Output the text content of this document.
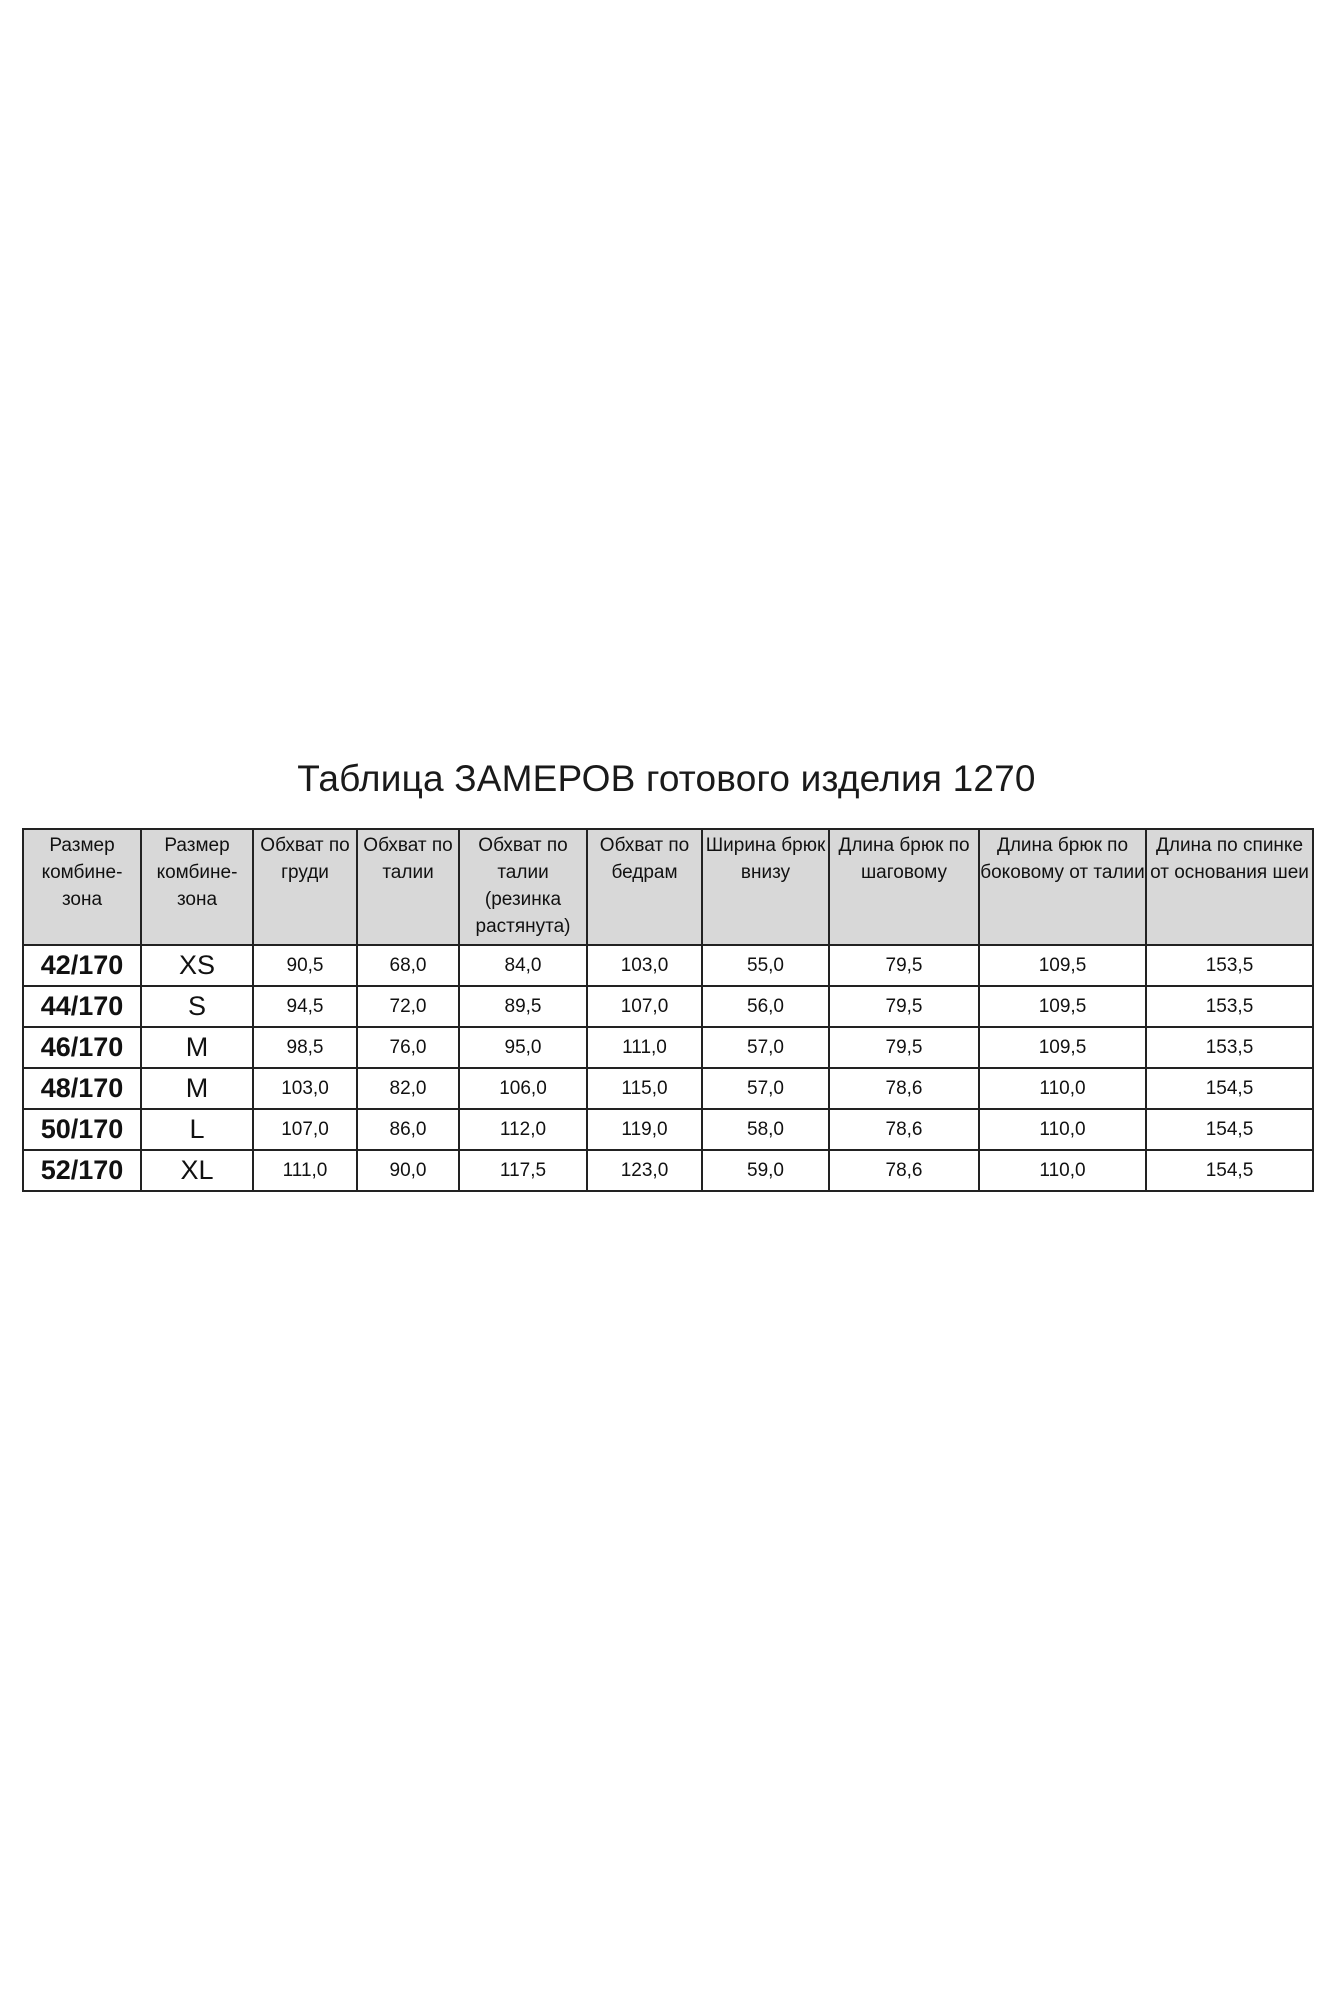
Таблица ЗАМЕРОВ готового изделия 1270
Размер комбине-зона	Размер комбине-зона	Обхват по груди	Обхват по талии	Обхват по талии (резинка растянута)	Обхват по бедрам	Ширина брюк внизу	Длина брюк по шаговому	Длина брюк по боковому от талии	Длина по спинке от основания шеи
42/170	XS	90,5	68,0	84,0	103,0	55,0	79,5	109,5	153,5
44/170	S	94,5	72,0	89,5	107,0	56,0	79,5	109,5	153,5
46/170	M	98,5	76,0	95,0	111,0	57,0	79,5	109,5	153,5
48/170	M	103,0	82,0	106,0	115,0	57,0	78,6	110,0	154,5
50/170	L	107,0	86,0	112,0	119,0	58,0	78,6	110,0	154,5
52/170	XL	111,0	90,0	117,5	123,0	59,0	78,6	110,0	154,5
